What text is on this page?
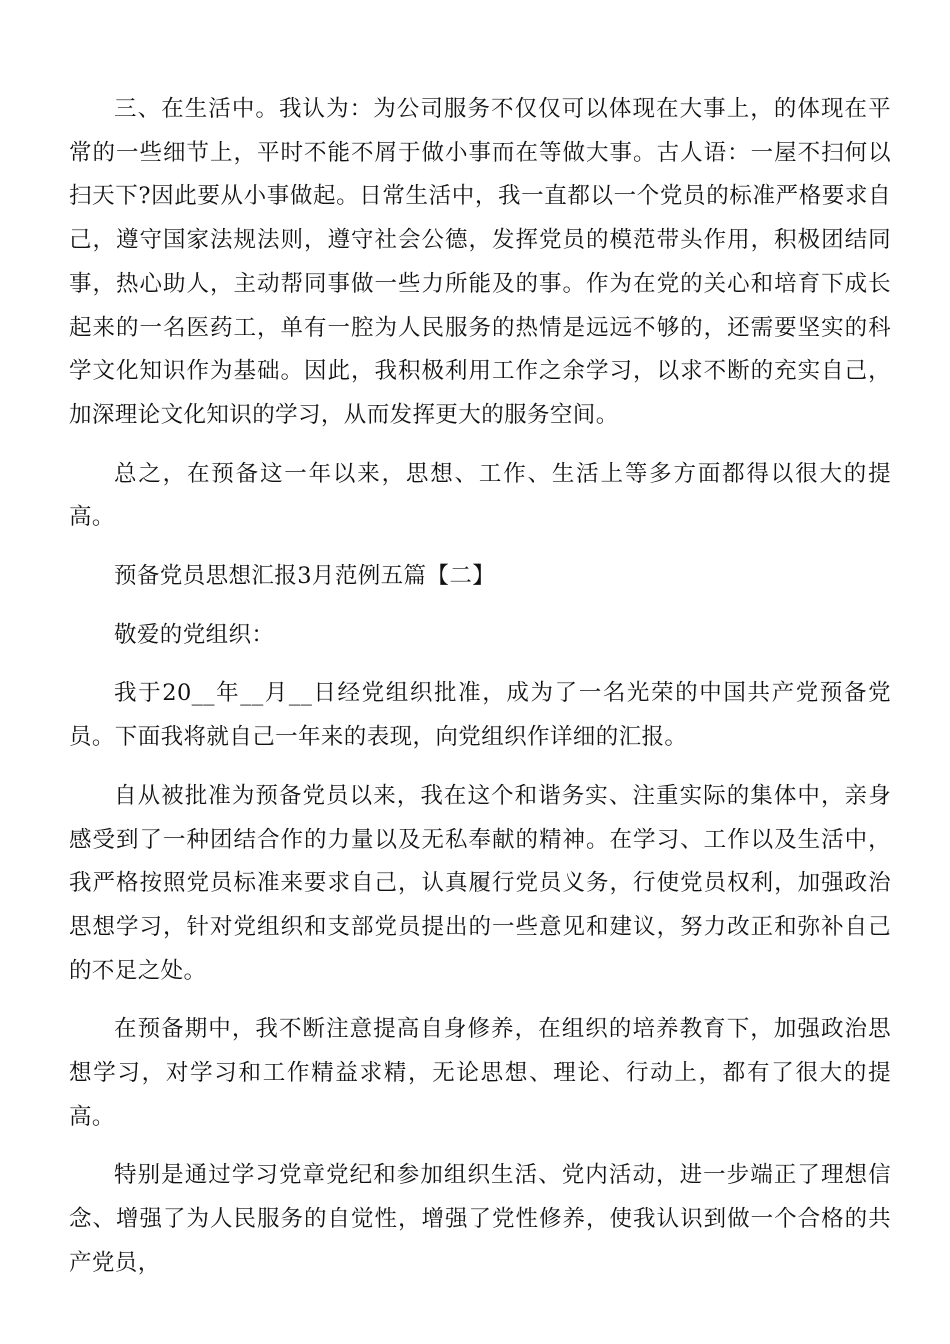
三、在生活中。我认为：为公司服务不仅仅可以体现在大事上，的体现在平常的一些细节上，平时不能不屑于做小事而在等做大事。古人语：一屋不扫何以扫天下?因此要从小事做起。日常生活中，我一直都以一个党员的标准严格要求自己，遵守国家法规法则，遵守社会公德，发挥党员的模范带头作用，积极团结同事，热心助人，主动帮同事做一些力所能及的事。作为在党的关心和培育下成长起来的一名医药工，单有一腔为人民服务的热情是远远不够的，还需要坚实的科学文化知识作为基础。因此，我积极利用工作之余学习，以求不断的充实自己，加深理论文化知识的学习，从而发挥更大的服务空间。

总之，在预备这一年以来，思想、工作、生活上等多方面都得以很大的提高。

预备党员思想汇报3月范例五篇【二】

敬爱的党组织：

我于20__年__月__日经党组织批准，成为了一名光荣的中国共产党预备党员。下面我将就自己一年来的表现，向党组织作详细的汇报。

自从被批准为预备党员以来，我在这个和谐务实、注重实际的集体中，亲身感受到了一种团结合作的力量以及无私奉献的精神。在学习、工作以及生活中，我严格按照党员标准来要求自己，认真履行党员义务，行使党员权利，加强政治思想学习，针对党组织和支部党员提出的一些意见和建议，努力改正和弥补自己的不足之处。

在预备期中，我不断注意提高自身修养，在组织的培养教育下，加强政治思想学习，对学习和工作精益求精，无论思想、理论、行动上，都有了很大的提高。

特别是通过学习党章党纪和参加组织生活、党内活动，进一步端正了理想信念、增强了为人民服务的自觉性，增强了党性修养，使我认识到做一个合格的共产党员，
